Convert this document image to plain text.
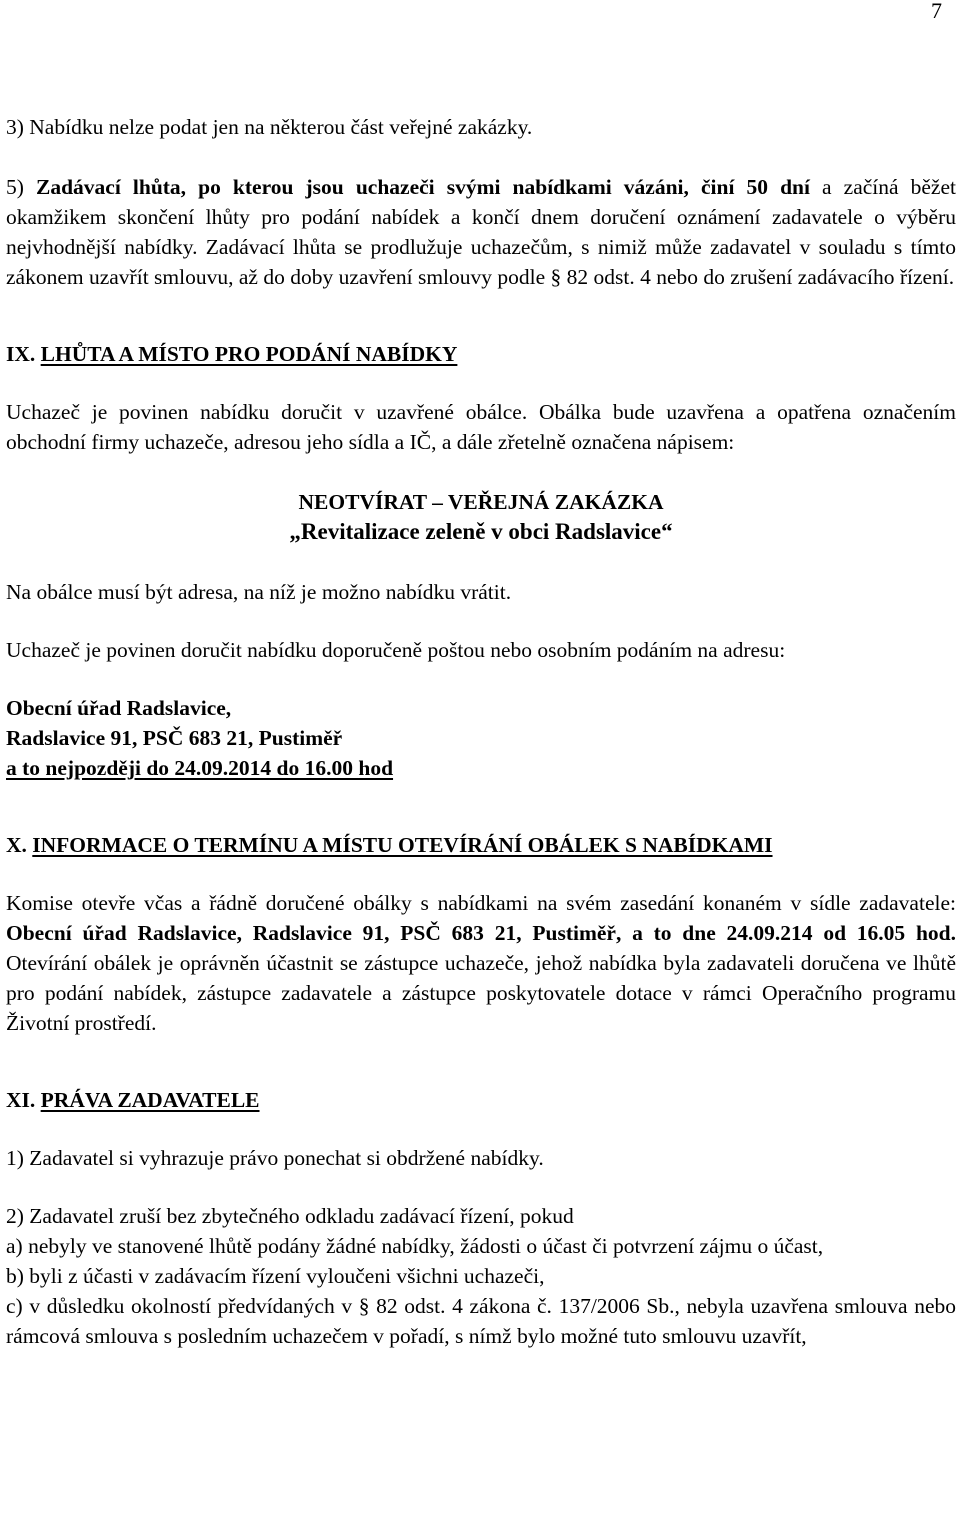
7

3) Nabídku nelze podat jen na některou část veřejné zakázky.

5) Zadávací lhůta, po kterou jsou uchazeči svými nabídkami vázáni, činí 50 dní a začíná běžet okamžikem skončení lhůty pro podání nabídek a končí dnem doručení oznámení zadavatele o výběru nejvhodnější nabídky. Zadávací lhůta se prodlužuje uchazečům, s nimiž může zadavatel v souladu s tímto zákonem uzavřít smlouvu, až do doby uzavření smlouvy podle § 82 odst. 4 nebo do zrušení zadávacího řízení.

IX. LHŮTA A MÍSTO PRO PODÁNÍ NABÍDKY

Uchazeč je povinen nabídku doručit v uzavřené obálce. Obálka bude uzavřena a opatřena označením obchodní firmy uchazeče, adresou jeho sídla a IČ, a dále zřetelně označena nápisem:

NEOTVÍRAT – VEŘEJNÁ ZAKÁZKA

„Revitalizace zeleně v obci Radslavice“

Na obálce musí být adresa, na níž je možno nabídku vrátit.

Uchazeč je povinen doručit nabídku doporučeně poštou nebo osobním podáním na adresu:

Obecní úřad Radslavice,

Radslavice 91, PSČ 683 21, Pustiměř

a to nejpozději do 24.09.2014 do 16.00 hod

X. INFORMACE O TERMÍNU A MÍSTU OTEVÍRÁNÍ OBÁLEK S NABÍDKAMI

Komise otevře včas a řádně doručené obálky s nabídkami na svém zasedání konaném v sídle zadavatele: Obecní úřad Radslavice, Radslavice 91, PSČ 683 21, Pustiměř, a to dne 24.09.214 od 16.05 hod. Otevírání obálek je oprávněn účastnit se zástupce uchazeče, jehož nabídka byla zadavateli doručena ve lhůtě pro podání nabídek, zástupce zadavatele a zástupce poskytovatele dotace v rámci Operačního programu Životní prostředí.

XI. PRÁVA ZADAVATELE

1) Zadavatel si vyhrazuje právo ponechat si obdržené nabídky.

2) Zadavatel zruší bez zbytečného odkladu zadávací řízení, pokud

a) nebyly ve stanovené lhůtě podány žádné nabídky, žádosti o účast či potvrzení zájmu o účast,

b) byli z účasti v zadávacím řízení vyloučeni všichni uchazeči,

c) v důsledku okolností předvídaných v § 82 odst. 4 zákona č. 137/2006 Sb., nebyla uzavřena smlouva nebo rámcová smlouva s posledním uchazečem v pořadí, s nímž bylo možné tuto smlouvu uzavřít,
